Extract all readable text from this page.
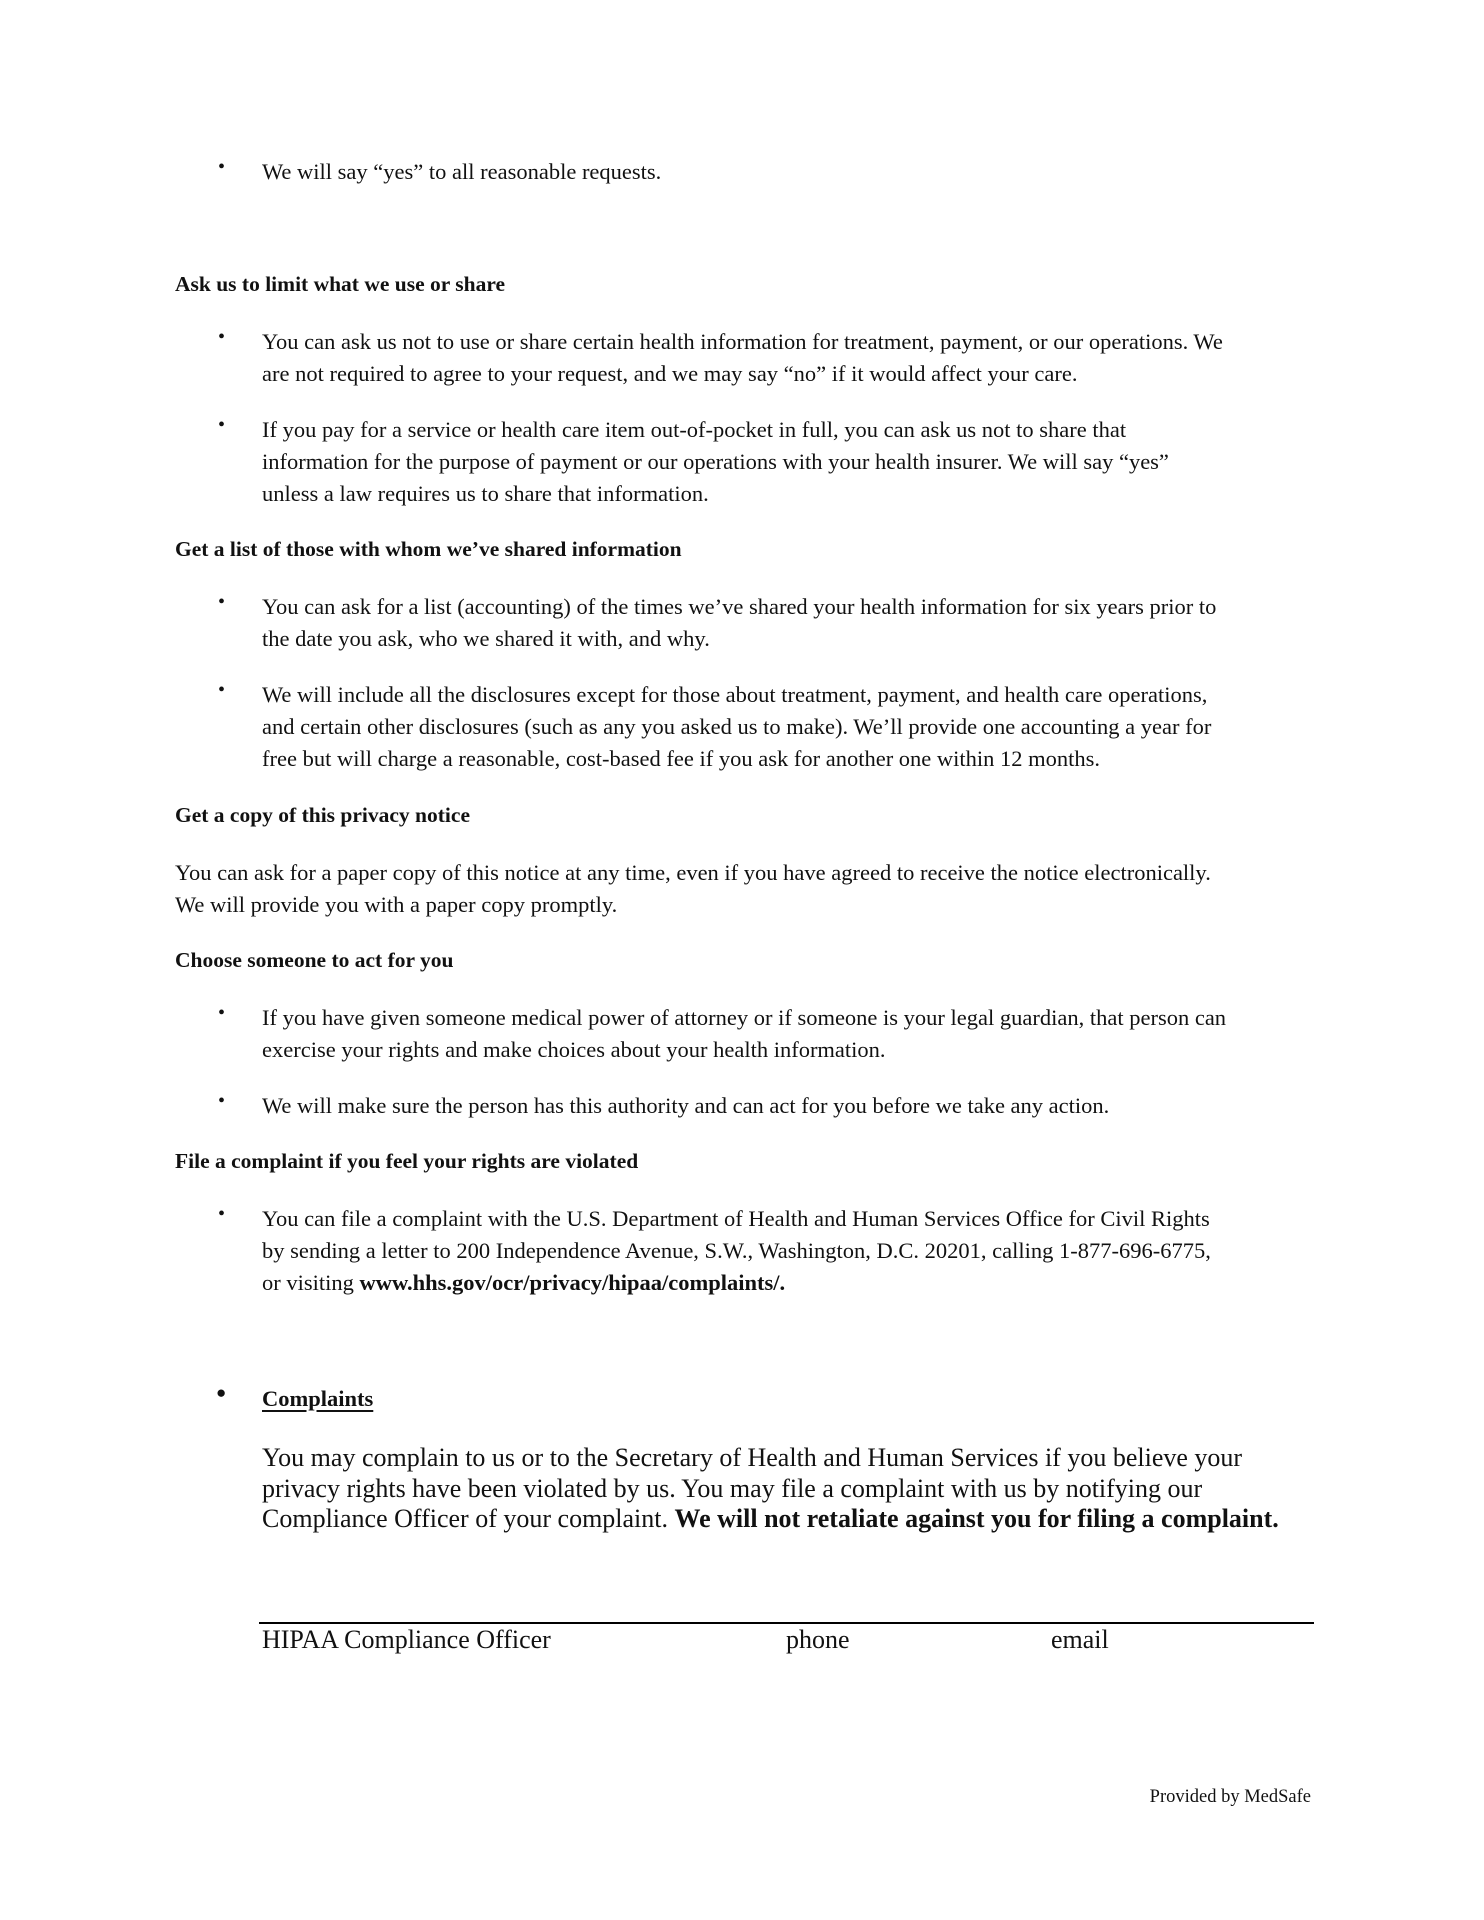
• We will say “yes” to all reasonable requests.
Ask us to limit what we use or share
• You can ask us not to use or share certain health information for treatment, payment, or our operations. We
are not required to agree to your request, and we may say “no” if it would affect your care.
• If you pay for a service or health care item out-of-pocket in full, you can ask us not to share that
information for the purpose of payment or our operations with your health insurer. We will say “yes”
unless a law requires us to share that information.
Get a list of those with whom we’ve shared information
• You can ask for a list (accounting) of the times we’ve shared your health information for six years prior to
the date you ask, who we shared it with, and why.
• We will include all the disclosures except for those about treatment, payment, and health care operations,
and certain other disclosures (such as any you asked us to make). We’ll provide one accounting a year for
free but will charge a reasonable, cost-based fee if you ask for another one within 12 months.
Get a copy of this privacy notice
You can ask for a paper copy of this notice at any time, even if you have agreed to receive the notice electronically.
We will provide you with a paper copy promptly.
Choose someone to act for you
• If you have given someone medical power of attorney or if someone is your legal guardian, that person can
exercise your rights and make choices about your health information.
• We will make sure the person has this authority and can act for you before we take any action.
File a complaint if you feel your rights are violated
• You can file a complaint with the U.S. Department of Health and Human Services Office for Civil Rights
by sending a letter to 200 Independence Avenue, S.W., Washington, D.C. 20201, calling 1-877-696-6775,
or visiting www.hhs.gov/ocr/privacy/hipaa/complaints/.
● Complaints
You may complain to us or to the Secretary of Health and Human Services if you believe your
privacy rights have been violated by us. You may file a complaint with us by notifying our
Compliance Officer of your complaint. We will not retaliate against you for filing a complaint.
HIPAA Compliance Officer	phone	email
Provided by MedSafe
